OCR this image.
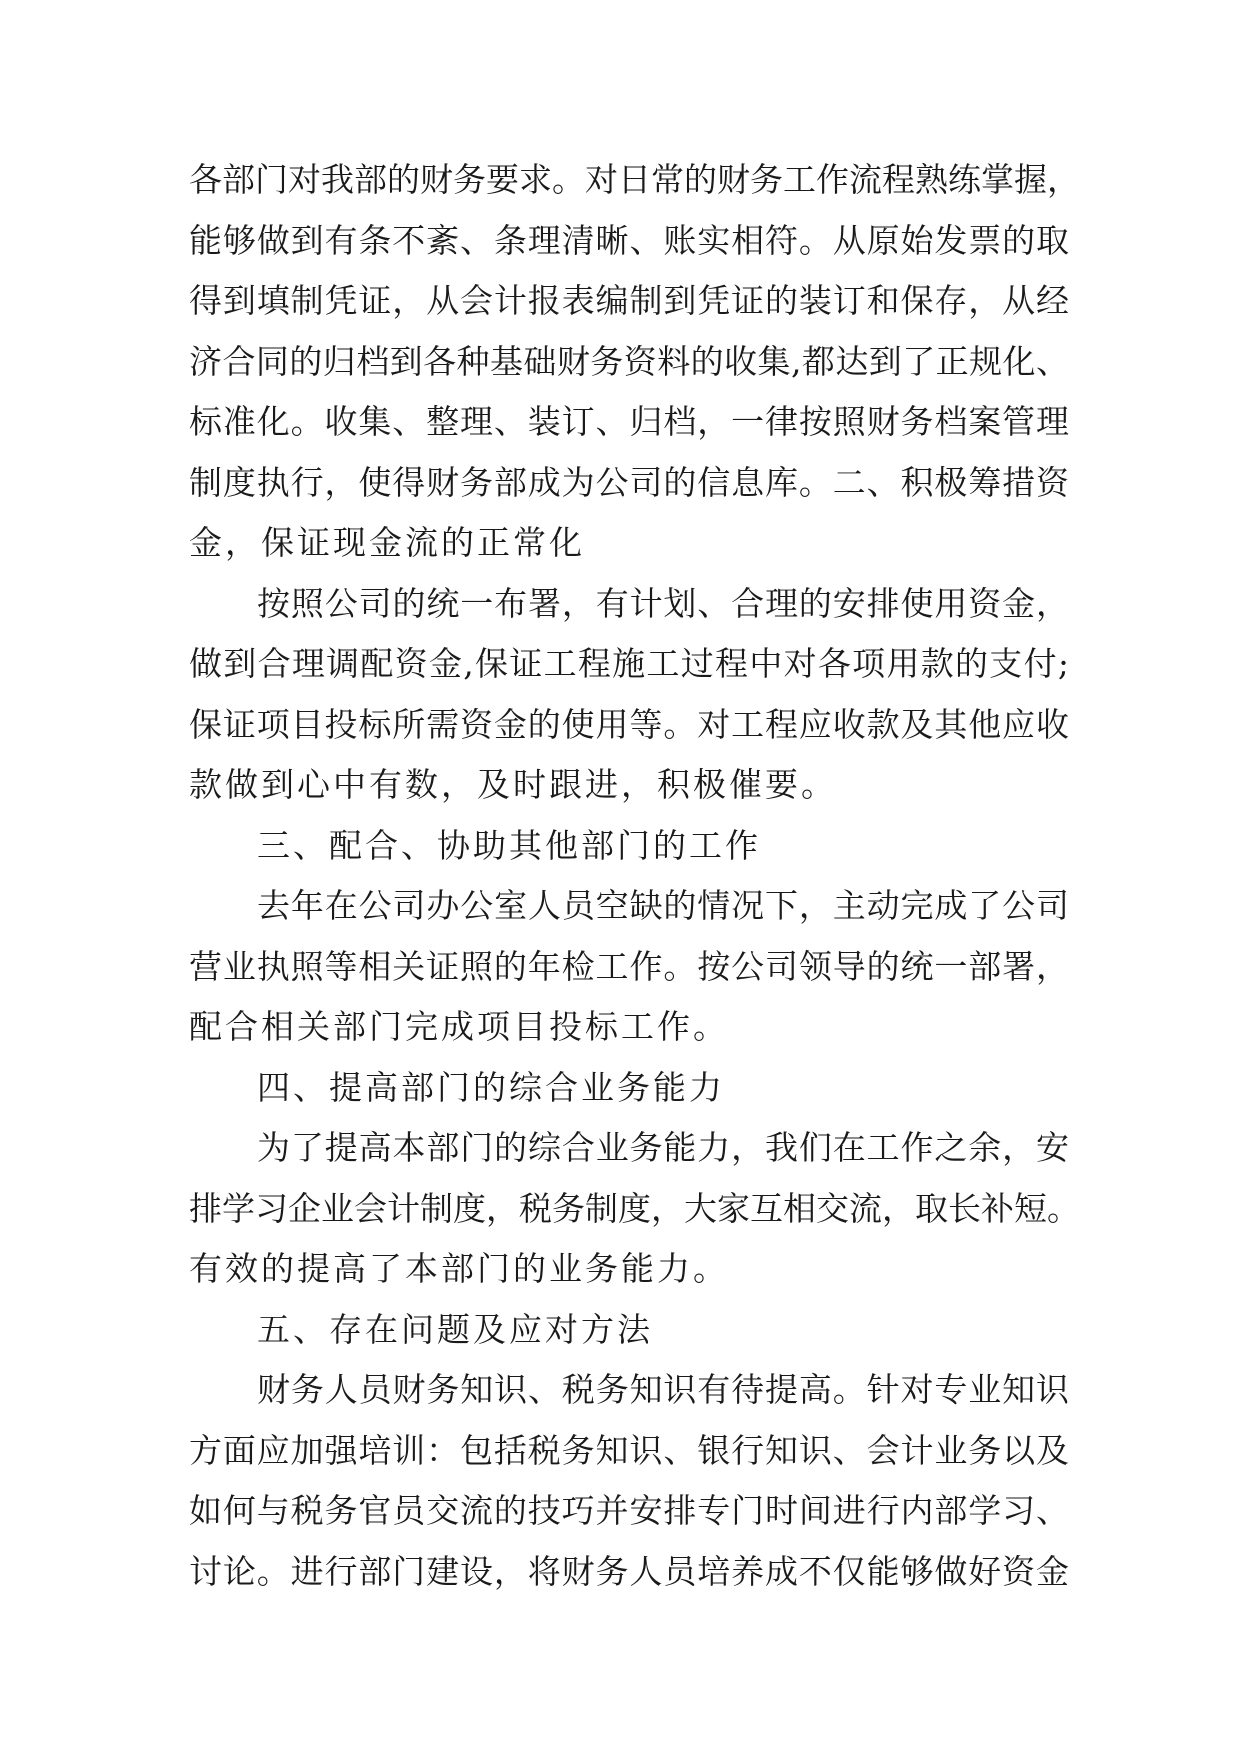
各部门对我部的财务要求。对日常的财务工作流程熟练掌握，
能够做到有条不紊、条理清晰、账实相符。从原始发票的取
得到填制凭证，从会计报表编制到凭证的装订和保存，从经
济合同的归档到各种基础财务资料的收集,都达到了正规化、
标准化。收集、整理、装订、归档，一律按照财务档案管理
制度执行，使得财务部成为公司的信息库。二、积极筹措资
金，保证现金流的正常化
按照公司的统一布署，有计划、合理的安排使用资金，
做到合理调配资金,保证工程施工过程中对各项用款的支付;
保证项目投标所需资金的使用等。对工程应收款及其他应收
款做到心中有数，及时跟进，积极催要。
三、配合、协助其他部门的工作
去年在公司办公室人员空缺的情况下，主动完成了公司
营业执照等相关证照的年检工作。按公司领导的统一部署，
配合相关部门完成项目投标工作。
四、提高部门的综合业务能力
为了提高本部门的综合业务能力，我们在工作之余，安
排学习企业会计制度，税务制度，大家互相交流，取长补短。
有效的提高了本部门的业务能力。
五、存在问题及应对方法
财务人员财务知识、税务知识有待提高。针对专业知识
方面应加强培训：包括税务知识、银行知识、会计业务以及
如何与税务官员交流的技巧并安排专门时间进行内部学习、
讨论。进行部门建设，将财务人员培养成不仅能够做好资金
